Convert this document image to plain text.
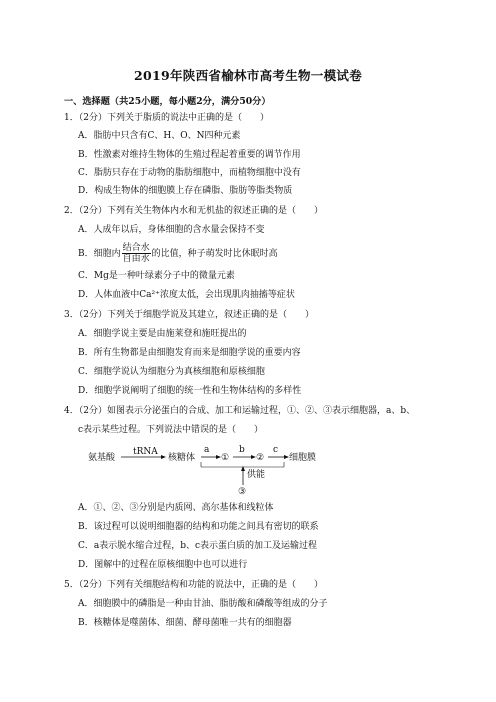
2019年陕西省榆林市高考生物一模试卷
一、选择题（共25小题，每小题2分，满分50分）
1．（2分）下列关于脂质的说法中正确的是（　　）
A．脂肪中只含有C、H、O、N四种元素
B．性激素对维持生物体的生殖过程起着重要的调节作用
C．脂肪只存在于动物的脂肪细胞中，而植物细胞中没有
D．构成生物体的细胞膜上存在磷脂、脂肪等脂类物质
2．（2分）下列有关生物体内水和无机盐的叙述正确的是（　　）
A．人成年以后，身体细胞的含水量会保持不变
B．细胞内 $\frac{\text{结合水}}{\text{自由水}}$ 的比值，种子萌发时比休眠时高
C．Mg是一种叶绿素分子中的微量元素
D．人体血液中Ca²⁺浓度太低，会出现肌肉抽搐等症状
3．（2分）下列关于细胞学说及其建立，叙述正确的是（　　）
A．细胞学说主要是由施莱登和施旺提出的
B．所有生物都是由细胞发育而来是细胞学说的重要内容
C．细胞学说认为细胞分为真核细胞和原核细胞
D．细胞学说阐明了细胞的统一性和生物体结构的多样性
4．（2分）如图表示分泌蛋白的合成、加工和运输过程，①、②、③表示细胞器，a、b、
c表示某些过程。下列说法中错误的是（　　）
氨基酸
tRNA
核糖体
a
①
b
②
c
细胞膜
供能
③
A．①、②、③分别是内质网、高尔基体和线粒体
B．该过程可以说明细胞器的结构和功能之间具有密切的联系
C．a表示脱水缩合过程，b、c表示蛋白质的加工及运输过程
D．图解中的过程在原核细胞中也可以进行
5．（2分）下列有关细胞结构和功能的说法中，正确的是（　　）
A．细胞膜中的磷脂是一种由甘油、脂肪酸和磷酸等组成的分子
B．核糖体是噬菌体、细菌、酵母菌唯一共有的细胞器
